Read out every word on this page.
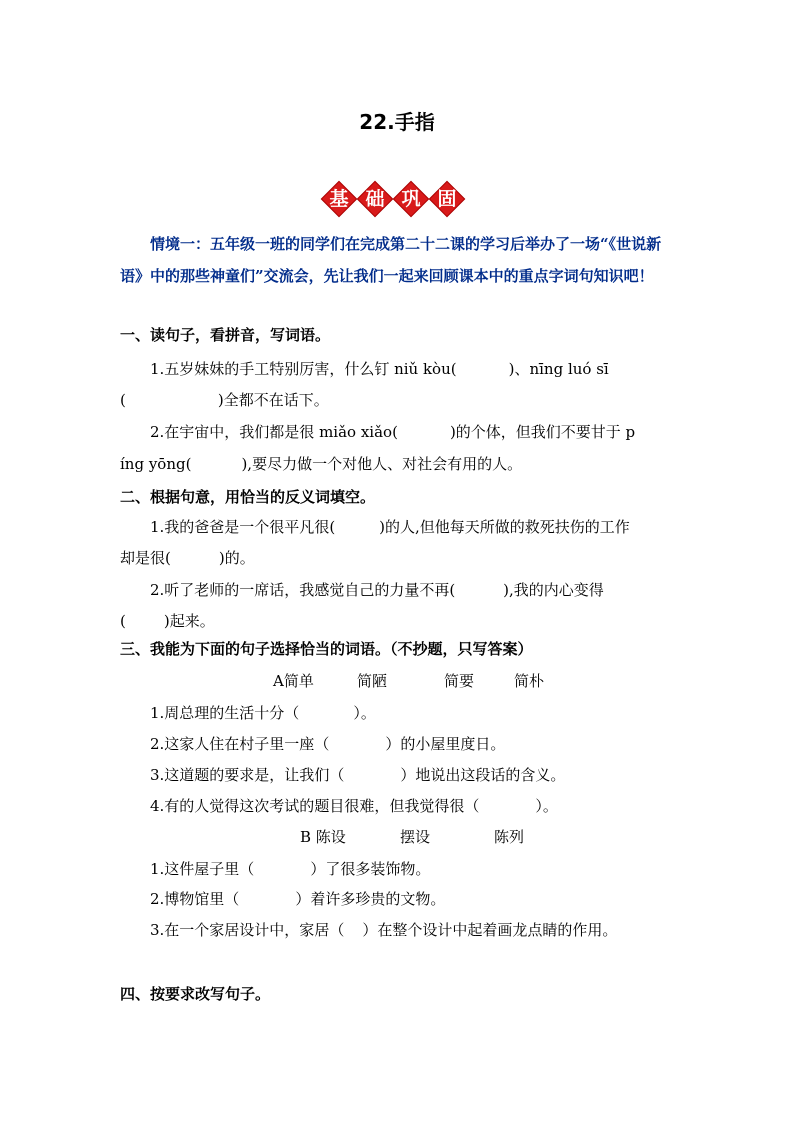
22.手指
基 础 巩 固
情境一：五年级一班的同学们在完成第二十二课的学习后举办了一场“《世说新语》中的那些神童们”交流会，先让我们一起来回顾课本中的重点字词句知识吧！
一、读句子，看拼音，写词语。
1.五岁妹妹的手工特别厉害，什么钉 niǔ kòu(	)、nīng luó sī
(	)全都不在话下。
2.在宇宙中，我们都是很 miǎo xiǎo(	)的个体，但我们不要甘于 p
íng yōng(	),要尽力做一个对他人、对社会有用的人。
二、根据句意，用恰当的反义词填空。
1.我的爸爸是一个很平凡很(	)的人,但他每天所做的救死扶伤的工作
却是很(	)的。
2.听了老师的一席话，我感觉自己的力量不再(	),我的内心变得
(	)起来。
三、我能为下面的句子选择恰当的词语。（不抄题，只写答案）
A简单	简陋	简要	简朴
1.周总理的生活十分（	）。
2.这家人住在村子里一座（	）的小屋里度日。
3.这道题的要求是，让我们（	）地说出这段话的含义。
4.有的人觉得这次考试的题目很难，但我觉得很（	）。
B 陈设	摆设	陈列
1.这件屋子里（	）了很多装饰物。
2.博物馆里（	）着许多珍贵的文物。
3.在一个家居设计中，家居（ ）在整个设计中起着画龙点睛的作用。
四、按要求改写句子。
